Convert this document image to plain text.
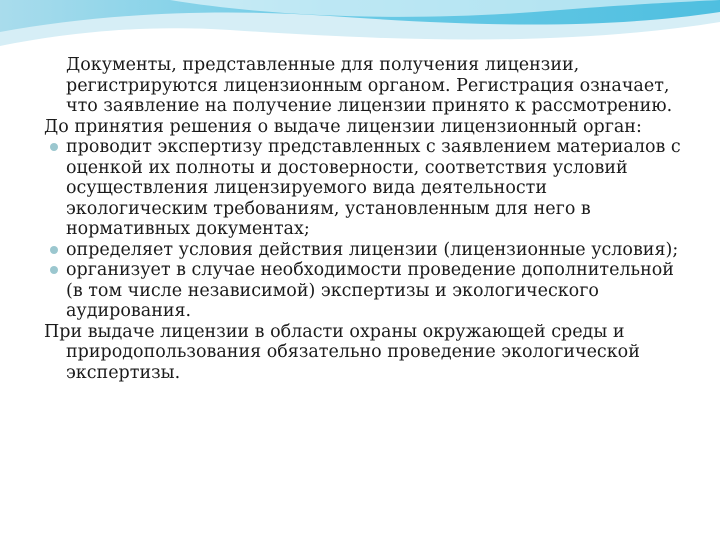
Документы, представленные для получения лицензии, регистрируются лицензионным органом. Регистрация означает, что заявление на получение лицензии принято к рассмотрению.

До принятия решения о выдаче лицензии лицензионный орган:

проводит экспертизу представленных с заявлением материалов с оценкой их полноты и достоверности, соответствия условий осуществления лицензируемого вида деятельности экологическим требованиям, установленным для него в нормативных документах;
определяет условия действия лицензии (лицензионные условия);
организует в случае необходимости проведение дополнительной (в том числе независимой) экспертизы и экологического аудирования.

При выдаче лицензии в области охраны окружающей среды и природопользования обязательно проведение экологической экспертизы.
